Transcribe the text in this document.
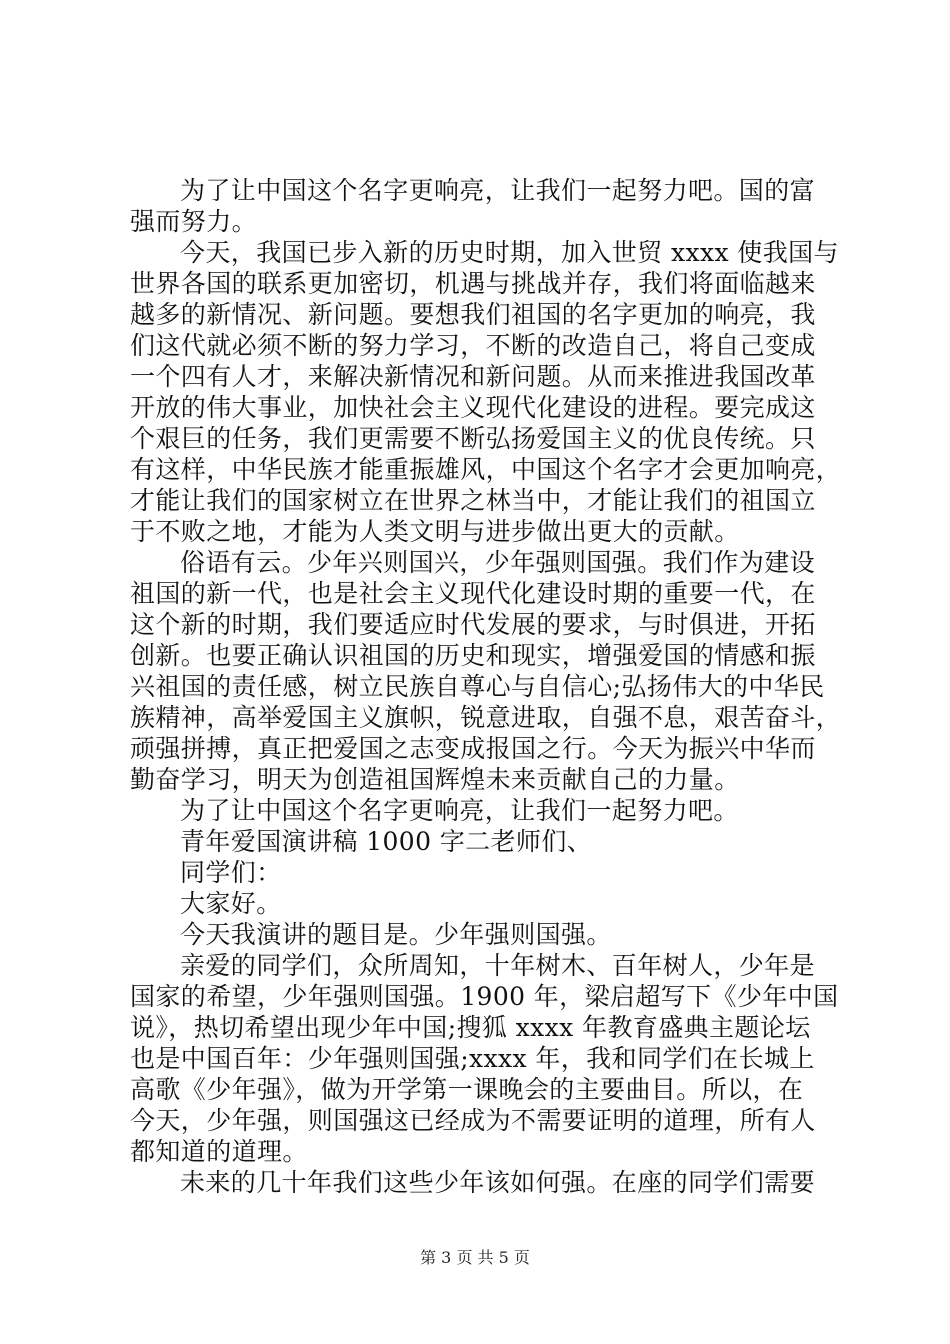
为了让中国这个名字更响亮，让我们一起努力吧。国的富
强而努力。
今天，我国已步入新的历史时期，加入世贸 xxxx 使我国与
世界各国的联系更加密切，机遇与挑战并存，我们将面临越来
越多的新情况、新问题。要想我们祖国的名字更加的响亮，我
们这代就必须不断的努力学习，不断的改造自己，将自己变成
一个四有人才，来解决新情况和新问题。从而来推进我国改革
开放的伟大事业，加快社会主义现代化建设的进程。要完成这
个艰巨的任务，我们更需要不断弘扬爱国主义的优良传统。只
有这样，中华民族才能重振雄风，中国这个名字才会更加响亮，
才能让我们的国家树立在世界之林当中，才能让我们的祖国立
于不败之地，才能为人类文明与进步做出更大的贡献。
俗语有云。少年兴则国兴，少年强则国强。我们作为建设
祖国的新一代，也是社会主义现代化建设时期的重要一代，在
这个新的时期，我们要适应时代发展的要求，与时俱进，开拓
创新。也要正确认识祖国的历史和现实，增强爱国的情感和振
兴祖国的责任感，树立民族自尊心与自信心;弘扬伟大的中华民
族精神，高举爱国主义旗帜，锐意进取，自强不息，艰苦奋斗，
顽强拼搏，真正把爱国之志变成报国之行。今天为振兴中华而
勤奋学习，明天为创造祖国辉煌未来贡献自己的力量。
为了让中国这个名字更响亮，让我们一起努力吧。
青年爱国演讲稿 1000 字二老师们、
同学们：
大家好。
今天我演讲的题目是。少年强则国强。
亲爱的同学们，众所周知，十年树木、百年树人，少年是
国家的希望，少年强则国强。1900 年，梁启超写下《少年中国
说》，热切希望出现少年中国;搜狐 xxxx 年教育盛典主题论坛
也是中国百年：少年强则国强;xxxx 年，我和同学们在长城上
高歌《少年强》，做为开学第一课晚会的主要曲目。所以，在
今天，少年强，则国强这已经成为不需要证明的道理，所有人
都知道的道理。
未来的几十年我们这些少年该如何强。在座的同学们需要
第 3 页 共 5 页
